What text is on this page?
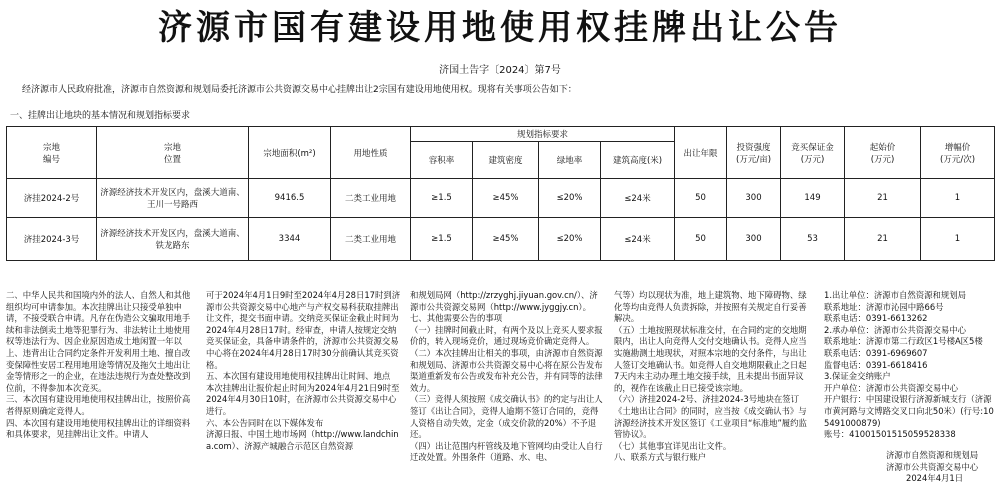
济源市国有建设用地使用权挂牌出让公告
济国土告字〔2024〕第7号
经济源市人民政府批准，济源市自然资源和规划局委托济源市公共资源交易中心挂牌出让2宗国有建设用地使用权。现将有关事项公告如下：
一、挂牌出让地块的基本情况和规划指标要求
宗地
编号	宗地
位置	宗地面积(m²)	用地性质	规划指标要求				出让年限	投资强度
(万元/亩)	竞买保证金
(万元)	起始价
(万元)	增幅价
(万元/次)
				容积率	建筑密度	绿地率	建筑高度(米)					
济挂2024-2号	济源经济技术开发区内，盘溪大道南、王川一号路西	9416.5	二类工业用地	≥1.5	≥45%	≤20%	≤24米	50	300	149	21	1
济挂2024-3号	济源经济技术开发区内，盘溪大道南、铁龙路东	3344	二类工业用地	≥1.5	≥45%	≤20%	≤24米	50	300	53	21	1
二、中华人民共和国境内外的法人、自然人和其他组织均可申请参加。本次挂牌出让只接受单独申请，不接受联合申请。凡存在伪造公文骗取用地手续和非法倒卖土地等犯罪行为、非法转让土地使用权等违法行为、因企业原因造成土地闲置一年以上、违背出让合同约定条件开发利用土地、擅自改变保障性安居工程用地用途等情况及拖欠土地出让金等情形之一的企业，在违法违规行为查处整改到位前，不得参加本次竞买。
三、本次国有建设用地使用权挂牌出让，按照价高者得原则确定竞得人。
四、本次国有建设用地使用权挂牌出让的详细资料和具体要求，见挂牌出让文件。申请人
可于2024年4月1日9时至2024年4月28日17时到济源市公共资源交易中心地产与产权交易科获取挂牌出让文件，提交书面申请。交纳竞买保证金截止时间为2024年4月28日17时。经审查，申请人按规定交纳竞买保证金，具备申请条件的，济源市公共资源交易中心将在2024年4月28日17时30分前确认其竞买资格。
五、本次国有建设用地使用权挂牌出让时间、地点
本次挂牌出让报价起止时间为2024年4月21日9时至2024年4月30日10时，在济源市公共资源交易中心进行。
六、本公告同时在以下媒体发布
济源日报、中国土地市场网（http://www.landchina.com）、济源产城融合示范区自然资源
和规划局网（http://zrzyghj.jiyuan.gov.cn/）、济源市公共资源交易网（http://www.jyggjy.cn）。
七、其他需要公告的事项
（一）挂牌时间截止时，有两个及以上竞买人要求报价的，转入现场竞价，通过现场竞价确定竞得人。
（二）本次挂牌出让相关的事项，由济源市自然资源和规划局、济源市公共资源交易中心将在原公告发布渠道重新发布公告或发布补充公告，并有同等的法律效力。
（三）竞得人须按照《成交确认书》的约定与出让人签订《出让合同》，竞得人逾期不签订合同的，竞得人资格自动失效，定金（成交价款的20%）不予退还。
（四）出让范围内杆管线及地下管网均由受让人自行迁改处置。外围条件（道路、水、电、
气等）均以现状为准，地上建筑物、地下障碍物、绿化等均由竞得人负责拆除，并按照有关规定自行妥善解决。
（五）土地按照现状标准交付，在合同约定的交地期限内，出让人向竞得人交付交地确认书。竞得人应当实施勘测土地现状，对照本宗地的交付条件，与出让人签订交地确认书。如竞得人自交地期限截止之日起7天内未主动办理土地交接手续，且未提出书面异议的，视作在该截止日已接受该宗地。
（六）济挂2024-2号、济挂2024-3号地块在签订《土地出让合同》的同时，应当按《成交确认书》与济源经济技术开发区签订《工业项目“标准地”履约监管协议》。
（七）其他事宜详见出让文件。
八、联系方式与银行账户
1.出让单位：济源市自然资源和规划局
联系地址：济源市沁园中路66号
联系电话：0391-6613262
2.承办单位：济源市公共资源交易中心
联系地址：济源市第二行政区1号楼A区5楼
联系电话：0391-6969607
监督电话：0391-6618416
3.保证金交纳账户
开户单位：济源市公共资源交易中心
开户银行：中国建设银行济源新城支行（济源市黄河路与文博路交叉口向北50米）(行号:105491000879)
账号：41001501515059528338
济源市自然资源和规划局
济源市公共资源交易中心
2024年4月1日
